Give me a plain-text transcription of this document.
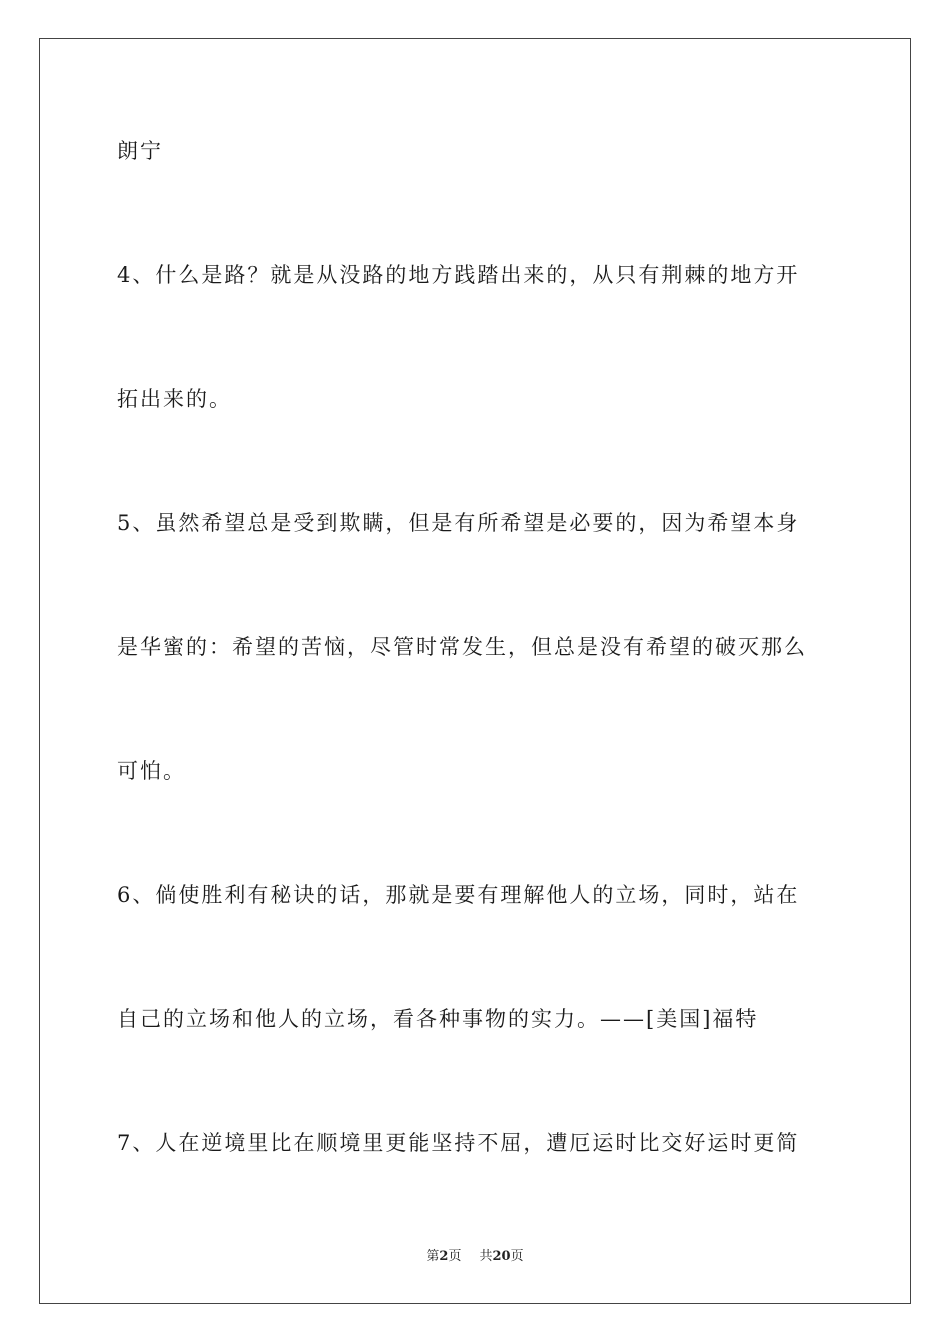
朗宁
4、什么是路？就是从没路的地方践踏出来的，从只有荆棘的地方开
拓出来的。
5、虽然希望总是受到欺瞒，但是有所希望是必要的，因为希望本身
是华蜜的：希望的苦恼，尽管时常发生，但总是没有希望的破灭那么
可怕。
6、倘使胜利有秘诀的话，那就是要有理解他人的立场，同时，站在
自己的立场和他人的立场，看各种事物的实力。——[美国]福特
7、人在逆境里比在顺境里更能坚持不屈，遭厄运时比交好运时更简
第2页 共20页
